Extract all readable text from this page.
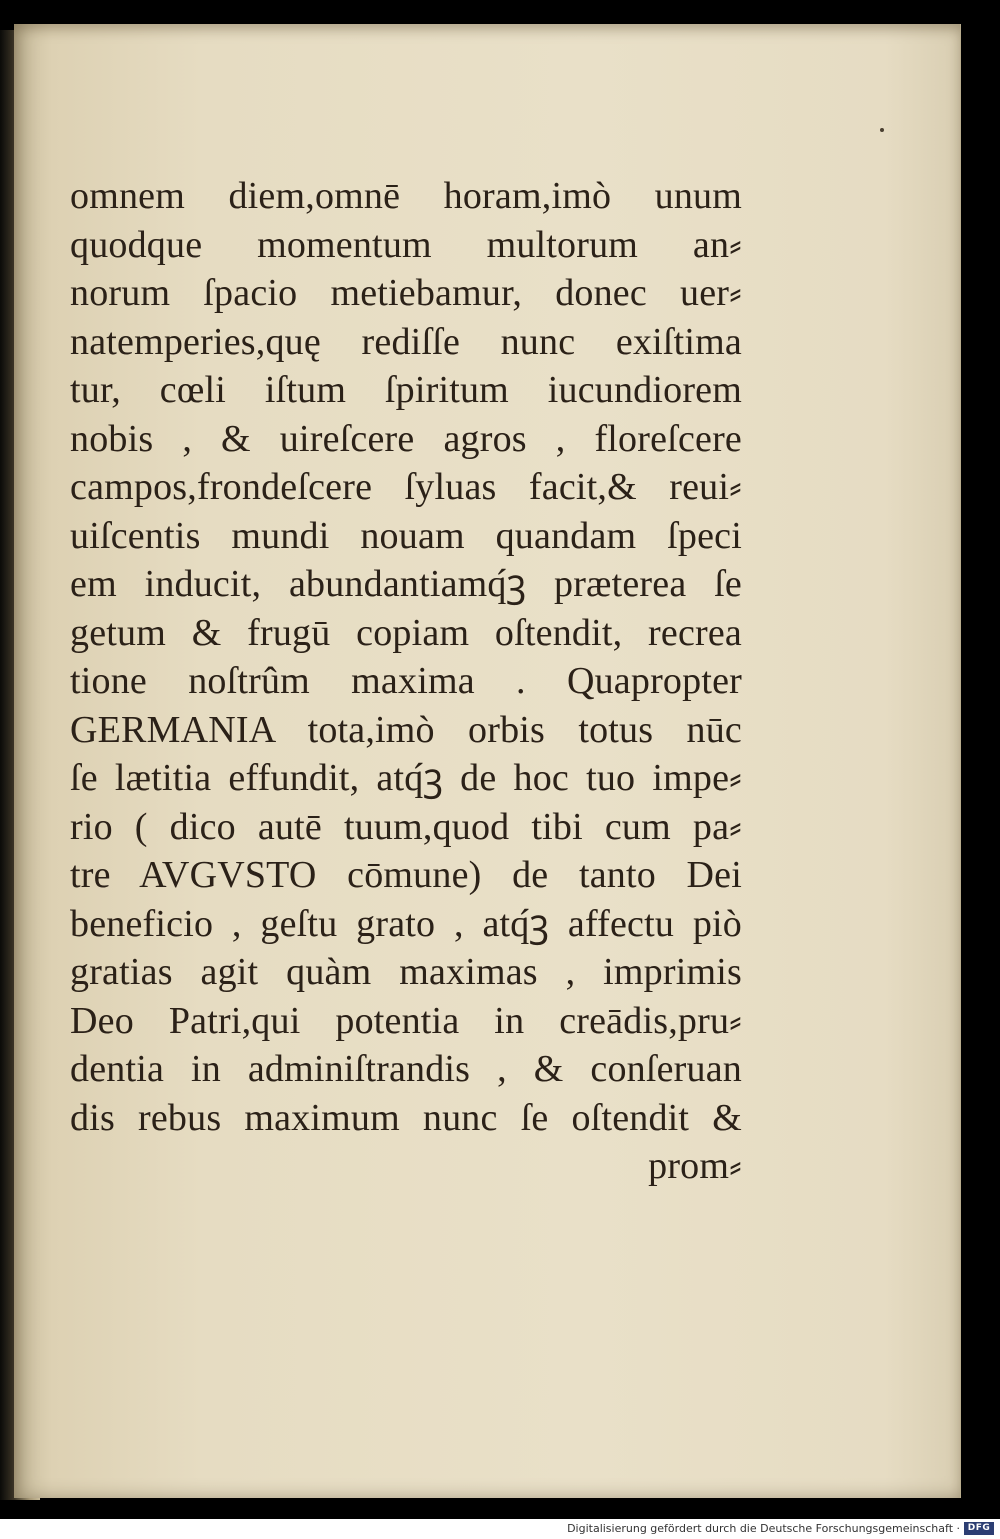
omnem diem,omnē horam,imò unum
quodque momentum multorum an⸗
norum ſpacio metiebamur, donec uer⸗
natemperies,quę rediſſe nunc exiſtima
tur, cœli iſtum ſpiritum iucundiorem
nobis , & uireſcere agros , floreſcere
campos,frondeſcere ſyluas facit,& reui⸗
uiſcentis mundi nouam quandam ſpeci
em inducit, abundantiamq́ꝫ præterea ſe
getum & frugū copiam oſtendit, recrea
tione noſtrûm maxima . Quapropter
GERMANIA tota,imò orbis totus nūc
ſe lætitia effundit, atq́ꝫ de hoc tuo impe⸗
rio ( dico autē tuum,quod tibi cum pa⸗
tre AVGVSTO cōmune) de tanto Dei
beneficio , geſtu grato , atq́ꝫ affectu piò
gratias agit quàm maximas , imprimis
Deo Patri,qui potentia in creādis,pru⸗
dentia in adminiſtrandis , & conſeruan
dis rebus maximum nunc ſe oſtendit &
prom⸗
Digitalisierung gefördert durch die Deutsche Forschungsgemeinschaft · DFG
